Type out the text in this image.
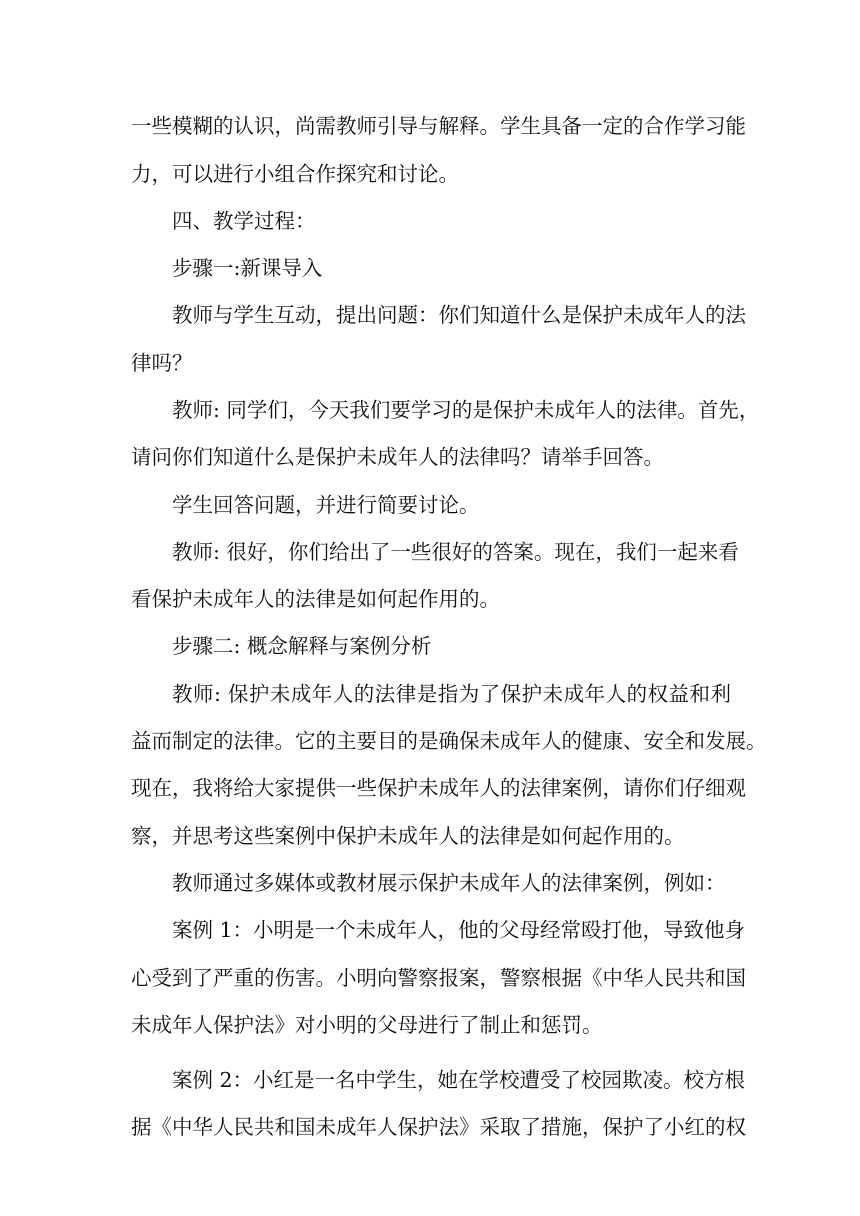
一些模糊的认识，尚需教师引导与解释。学生具备一定的合作学习能
力，可以进行小组合作探究和讨论。
四、教学过程：
步骤一:新课导入
教师与学生互动，提出问题：你们知道什么是保护未成年人的法
律吗？
教师: 同学们，今天我们要学习的是保护未成年人的法律。首先，
请问你们知道什么是保护未成年人的法律吗？请举手回答。
学生回答问题，并进行简要讨论。
教师: 很好，你们给出了一些很好的答案。现在，我们一起来看
看保护未成年人的法律是如何起作用的。
步骤二: 概念解释与案例分析
教师: 保护未成年人的法律是指为了保护未成年人的权益和利
益而制定的法律。它的主要目的是确保未成年人的健康、安全和发展。
现在，我将给大家提供一些保护未成年人的法律案例，请你们仔细观
察，并思考这些案例中保护未成年人的法律是如何起作用的。
教师通过多媒体或教材展示保护未成年人的法律案例，例如：
案例 1：小明是一个未成年人，他的父母经常殴打他，导致他身
心受到了严重的伤害。小明向警察报案，警察根据《中华人民共和国
未成年人保护法》对小明的父母进行了制止和惩罚。
案例 2：小红是一名中学生，她在学校遭受了校园欺凌。校方根
据《中华人民共和国未成年人保护法》采取了措施，保护了小红的权
